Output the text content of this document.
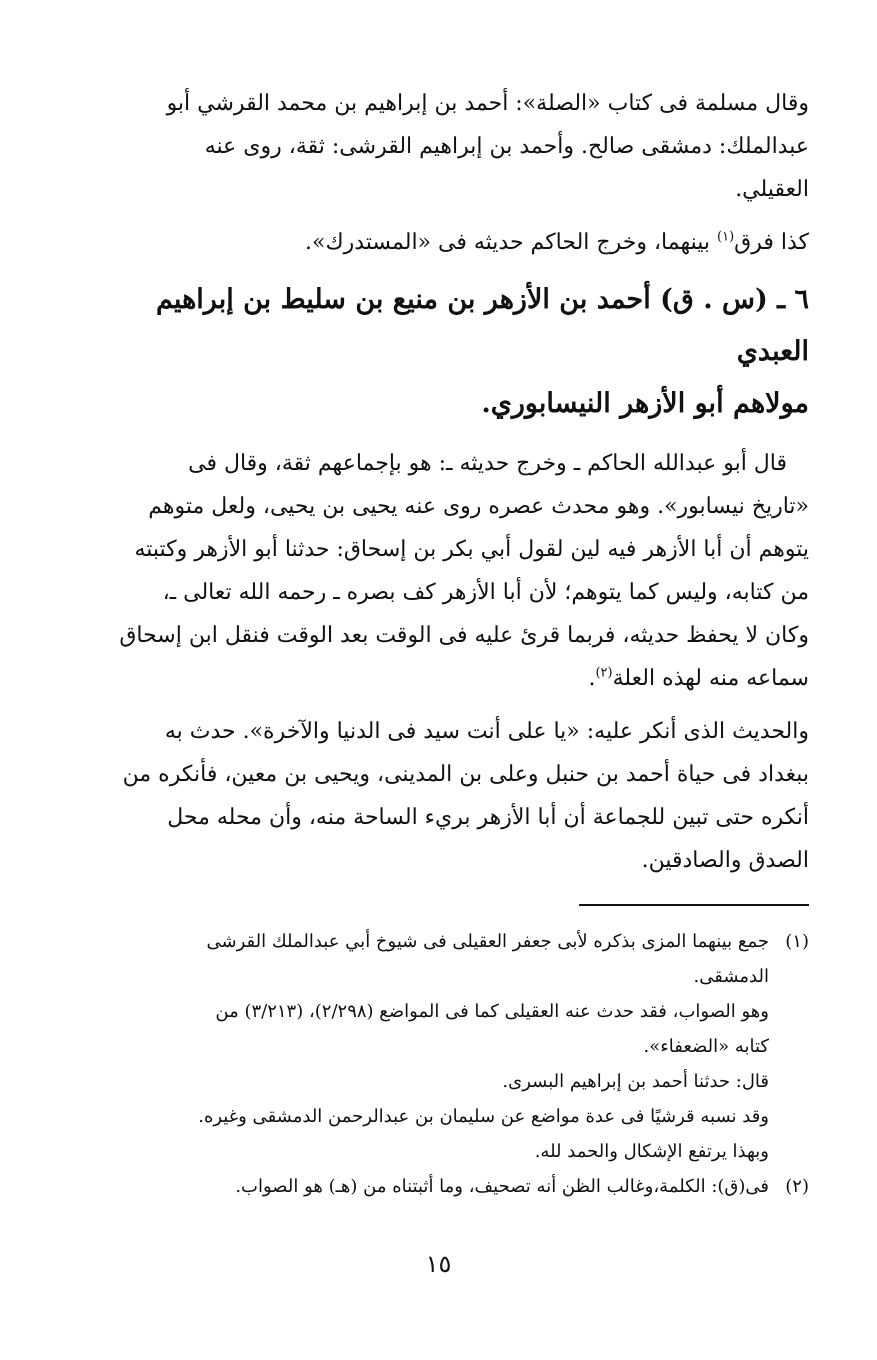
وقال مسلمة فى كتاب «الصلة»: أحمد بن إبراهيم بن محمد القرشي أبو
عبدالملك: دمشقى صالح. وأحمد بن إبراهيم القرشى: ثقة، روى عنه
العقيلي.

كذا فرق$^{(١)}$ بينهما، وخرج الحاكم حديثه فى «المستدرك».

٦ ـ (س . ق) أحمد بن الأزهر بن منيع بن سليط بن إبراهيم العبدي
مولاهم أبو الأزهر النيسابوري.

قال أبو عبدالله الحاكم ـ وخرج حديثه ـ: هو بإجماعهم ثقة، وقال فى
«تاريخ نيسابور». وهو محدث عصره روى عنه يحيى بن يحيى، ولعل متوهم
يتوهم أن أبا الأزهر فيه لين لقول أبي بكر بن إسحاق: حدثنا أبو الأزهر وكتبته
من كتابه، وليس كما يتوهم؛ لأن أبا الأزهر كف بصره ـ رحمه الله تعالى ـ،
وكان لا يحفظ حديثه، فربما قرئ عليه فى الوقت بعد الوقت فنقل ابن إسحاق
سماعه منه لهذه العلة$^{(٢)}$.

والحديث الذى أنكر عليه: «يا على أنت سيد فى الدنيا والآخرة». حدث به
ببغداد فى حياة أحمد بن حنبل وعلى بن المدينى، ويحيى بن معين، فأنكره من
أنكره حتى تبين للجماعة أن أبا الأزهر بريء الساحة منه، وأن محله محل
الصدق والصادقين.

(١)
جمع بينهما المزى بذكره لأبى جعفر العقيلى فى شيوخ أبي عبدالملك القرشى
الدمشقى.
وهو الصواب، فقد حدث عنه العقيلى كما فى المواضع (٢/٢٩٨)، (٣/٢١٣) من
كتابه «الضعفاء».
قال: حدثنا أحمد بن إبراهيم البسرى.
وقد نسبه قرشيًا فى عدة مواضع عن سليمان بن عبدالرحمن الدمشقى وغيره.
وبهذا يرتفع الإشكال والحمد لله.
(٢)
فى(ق): الكلمة،وغالب الظن أنه تصحيف، وما أثبتناه من (هـ) هو الصواب.
١٥
